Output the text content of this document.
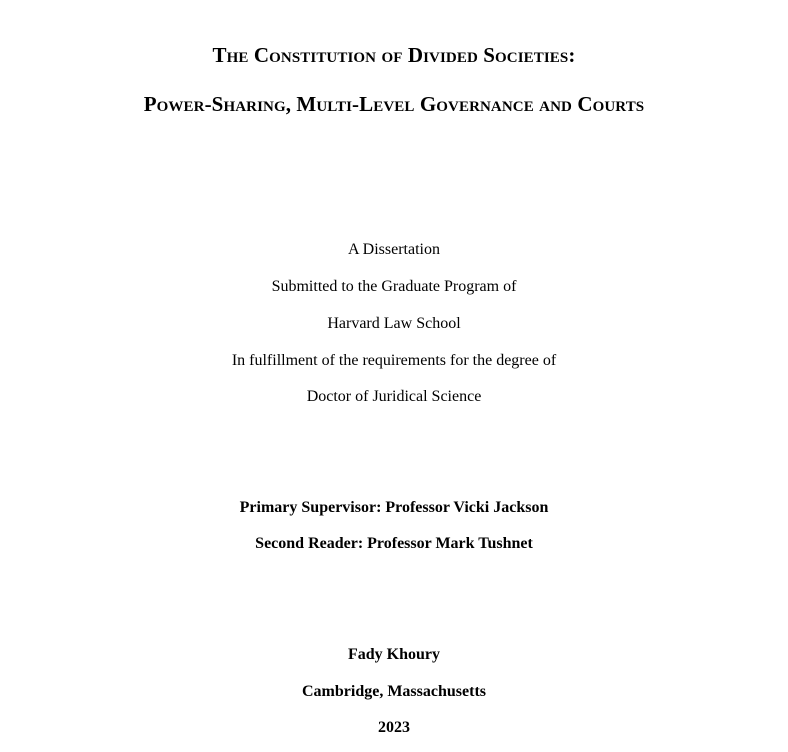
The Constitution of Divided Societies:
Power-Sharing, Multi-Level Governance and Courts
A Dissertation
Submitted to the Graduate Program of
Harvard Law School
In fulfillment of the requirements for the degree of
Doctor of Juridical Science
Primary Supervisor: Professor Vicki Jackson
Second Reader: Professor Mark Tushnet
Fady Khoury
Cambridge, Massachusetts
2023
